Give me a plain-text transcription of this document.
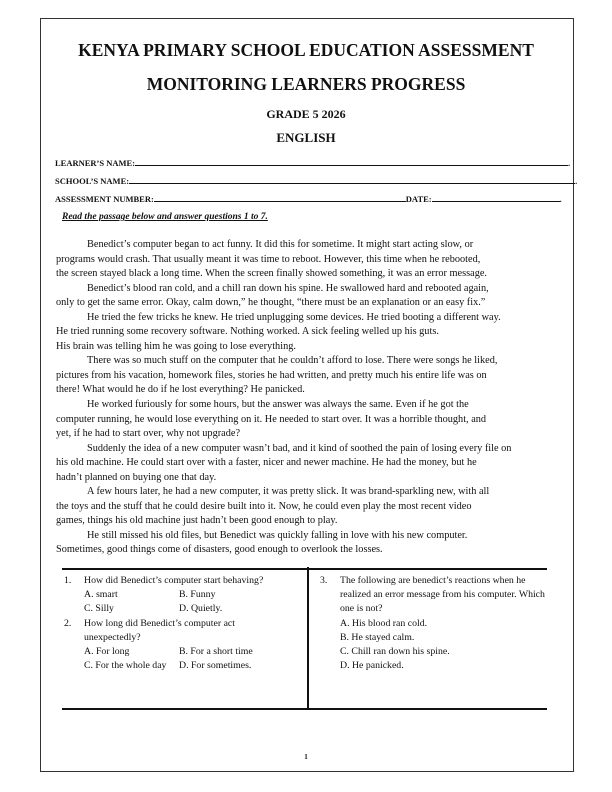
KENYA PRIMARY SCHOOL EDUCATION ASSESSMENT
MONITORING LEARNERS PROGRESS
GRADE 5 2026
ENGLISH
LEARNER’S NAME:	.
SCHOOL’S NAME:	.
ASSESSMENT NUMBER:	DATE:	.
Read the passage below and answer questions 1 to 7.
Benedict’s computer began to act funny. It did this for sometime. It might start acting slow, or
programs would crash. That usually meant it was time to reboot. However, this time when he rebooted,
the screen stayed black a long time. When the screen finally showed something, it was an error message.
Benedict’s blood ran cold, and a chill ran down his spine. He swallowed hard and rebooted again,
only to get the same error. Okay, calm down,” he thought, “there must be an explanation or an easy fix.”
He tried the few tricks he knew. He tried unplugging some devices. He tried booting a different way.
He tried running some recovery software. Nothing worked. A sick feeling welled up his guts.
His brain was telling him he was going to lose everything.
There was so much stuff on the computer that he couldn’t afford to lose. There were songs he liked,
pictures from his vacation, homework files, stories he had written, and pretty much his entire life was on
there! What would he do if he lost everything? He panicked.
He worked furiously for some hours, but the answer was always the same. Even if he got the
computer running, he would lose everything on it. He needed to start over. It was a horrible thought, and
yet, if he had to start over, why not upgrade?
Suddenly the idea of a new computer wasn’t bad, and it kind of soothed the pain of losing every file on
his old machine. He could start over with a faster, nicer and newer machine. He had the money, but he
hadn’t planned on buying one that day.
A few hours later, he had a new computer, it was pretty slick. It was brand-sparkling new, with all
the toys and the stuff that he could desire built into it. Now, he could even play the most recent video
games, things his old machine just hadn’t been good enough to play.
He still missed his old files, but Benedict was quickly falling in love with his new computer.
Sometimes, good things come of disasters, good enough to overlook the losses.
1. How did Benedict’s computer start behaving?
A. smart	B. Funny
C. Silly	D. Quietly.
2. How long did Benedict’s computer act unexpectedly?
A. For long	B. For a short time
C. For the whole day	D. For sometimes.
3. The following are benedict’s reactions when he realized an error message from his computer. Which one is not?
A. His blood ran cold.
B. He stayed calm.
C. Chill ran down his spine.
D. He panicked.
1
